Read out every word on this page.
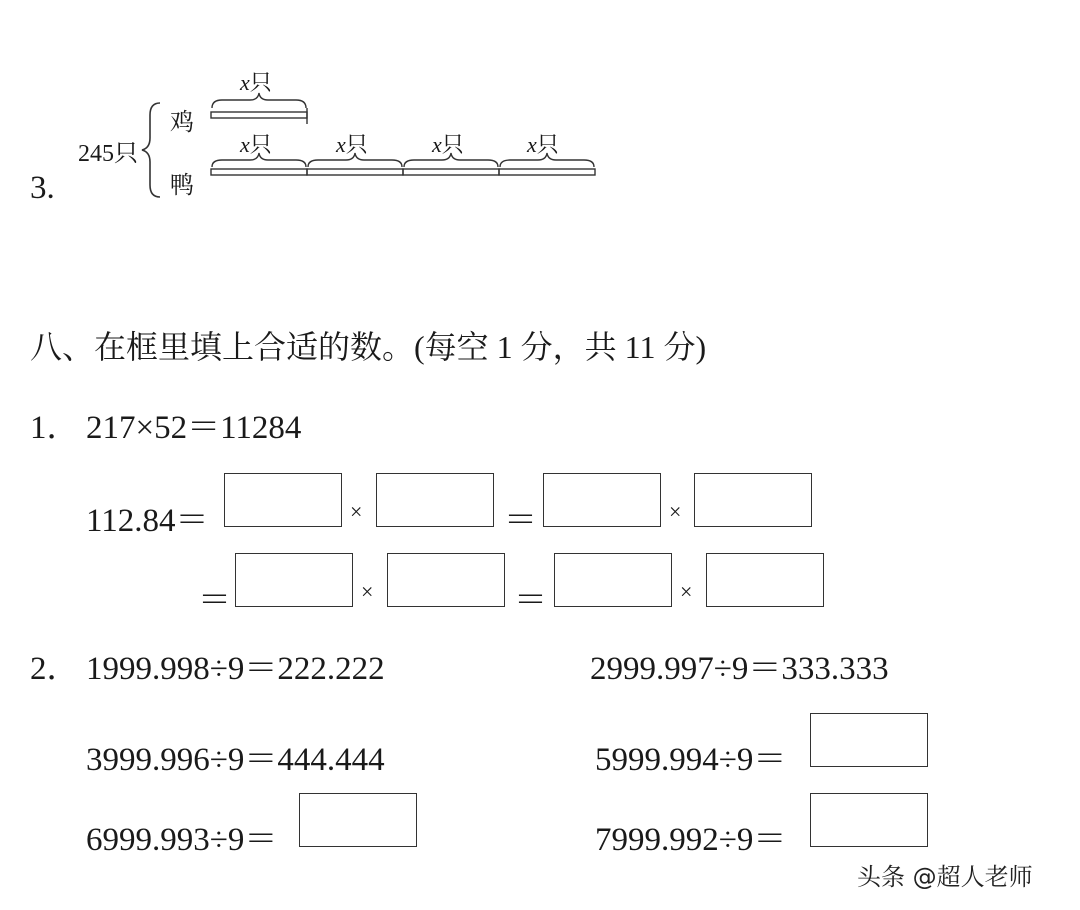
3.
245只
鸡
鸭
x只
x只	x只	x只	x只
八、在框里填上合适的数。(每空 1 分，共 11 分)
1． 217×52＝11284
112.84＝	×	＝	×
＝	×	＝	×
2． 1999.998÷9＝222.222	2999.997÷9＝333.333
3999.996÷9＝444.444	5999.994÷9＝
6999.993÷9＝	7999.992÷9＝
头条 @超人老师
